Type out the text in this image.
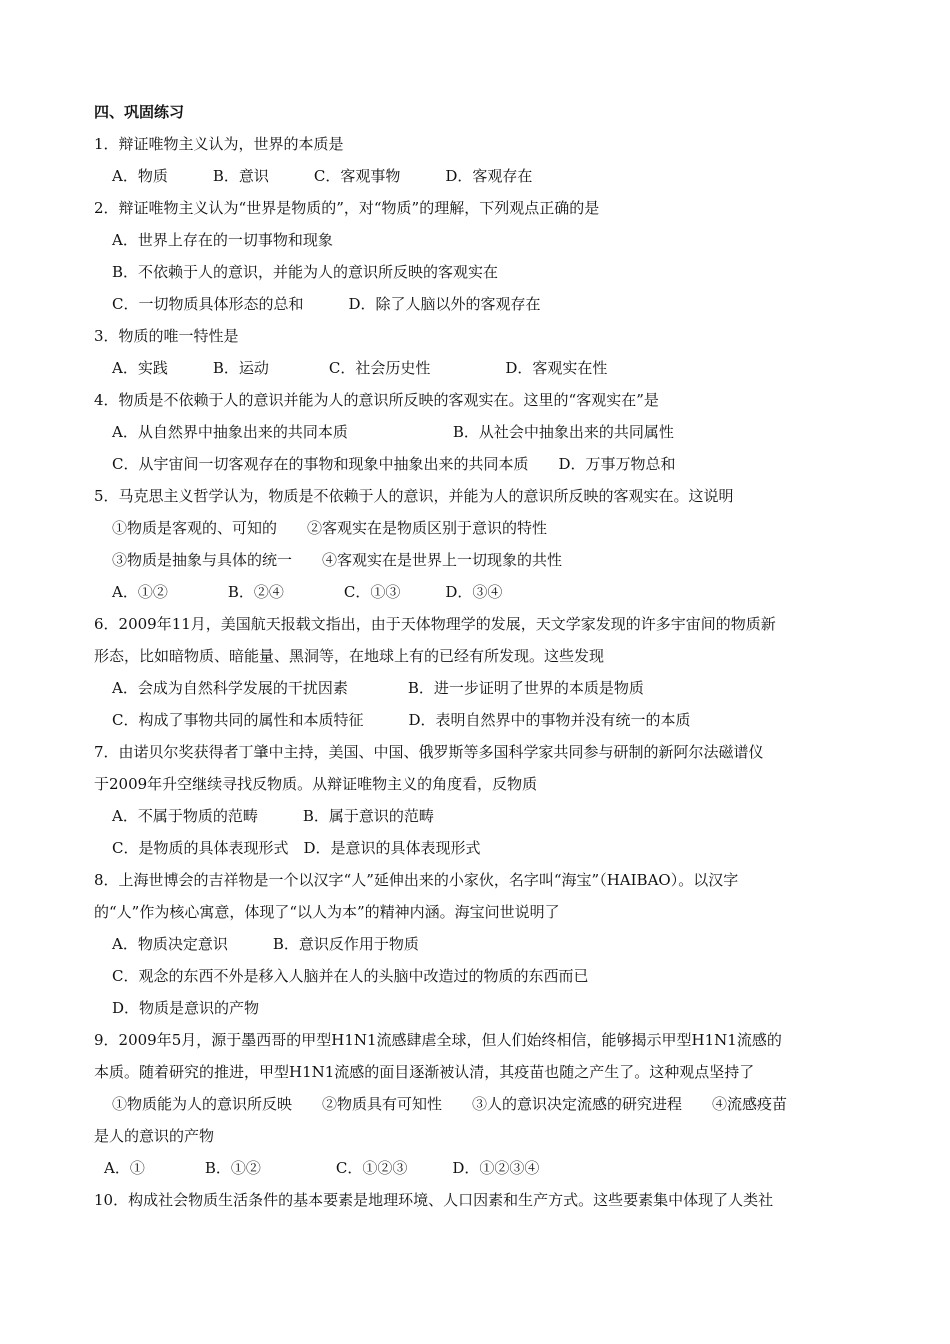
四、巩固练习
1．辩证唯物主义认为，世界的本质是
A．物质　　　B．意识　　　C．客观事物　　　D．客观存在
2．辩证唯物主义认为“世界是物质的”，对“物质”的理解，下列观点正确的是
A．世界上存在的一切事物和现象
B．不依赖于人的意识，并能为人的意识所反映的客观实在
C．一切物质具体形态的总和　　　D．除了人脑以外的客观存在
3．物质的唯一特性是
A．实践　　　B．运动　　　　C．社会历史性　　　　　D．客观实在性
4．物质是不依赖于人的意识并能为人的意识所反映的客观实在。这里的“客观实在”是
A．从自然界中抽象出来的共同本质　　　　　　　B．从社会中抽象出来的共同属性
C．从宇宙间一切客观存在的事物和现象中抽象出来的共同本质　　D．万事万物总和
5．马克思主义哲学认为，物质是不依赖于人的意识，并能为人的意识所反映的客观实在。这说明
①物质是客观的、可知的　　②客观实在是物质区别于意识的特性
③物质是抽象与具体的统一　　④客观实在是世界上一切现象的共性
A．①②　　　　B．②④　　　　C．①③　　　D．③④
6．2009年11月，美国航天报载文指出，由于天体物理学的发展，天文学家发现的许多宇宙间的物质新
形态，比如暗物质、暗能量、黑洞等，在地球上有的已经有所发现。这些发现
A．会成为自然科学发展的干扰因素　　　　B．进一步证明了世界的本质是物质
C．构成了事物共同的属性和本质特征　　　D．表明自然界中的事物并没有统一的本质
7．由诺贝尔奖获得者丁肇中主持，美国、中国、俄罗斯等多国科学家共同参与研制的新阿尔法磁谱仪
于2009年升空继续寻找反物质。从辩证唯物主义的角度看，反物质
A．不属于物质的范畴　　　B．属于意识的范畴
C．是物质的具体表现形式　D．是意识的具体表现形式
8．上海世博会的吉祥物是一个以汉字“人”延伸出来的小家伙，名字叫“海宝”（HAIBAO）。以汉字
的“人”作为核心寓意，体现了“以人为本”的精神内涵。海宝问世说明了
A．物质决定意识　　　B．意识反作用于物质
C．观念的东西不外是移入人脑并在人的头脑中改造过的物质的东西而已
D．物质是意识的产物
9．2009年5月，源于墨西哥的甲型H1N1流感肆虐全球，但人们始终相信，能够揭示甲型H1N1流感的
本质。随着研究的推进，甲型H1N1流感的面目逐渐被认清，其疫苗也随之产生了。这种观点坚持了
①物质能为人的意识所反映　　②物质具有可知性　　③人的意识决定流感的研究进程　　④流感疫苗
是人的意识的产物
A．①　　　　B．①②　　　　　C．①②③　　　D．①②③④
10．构成社会物质生活条件的基本要素是地理环境、人口因素和生产方式。这些要素集中体现了人类社
